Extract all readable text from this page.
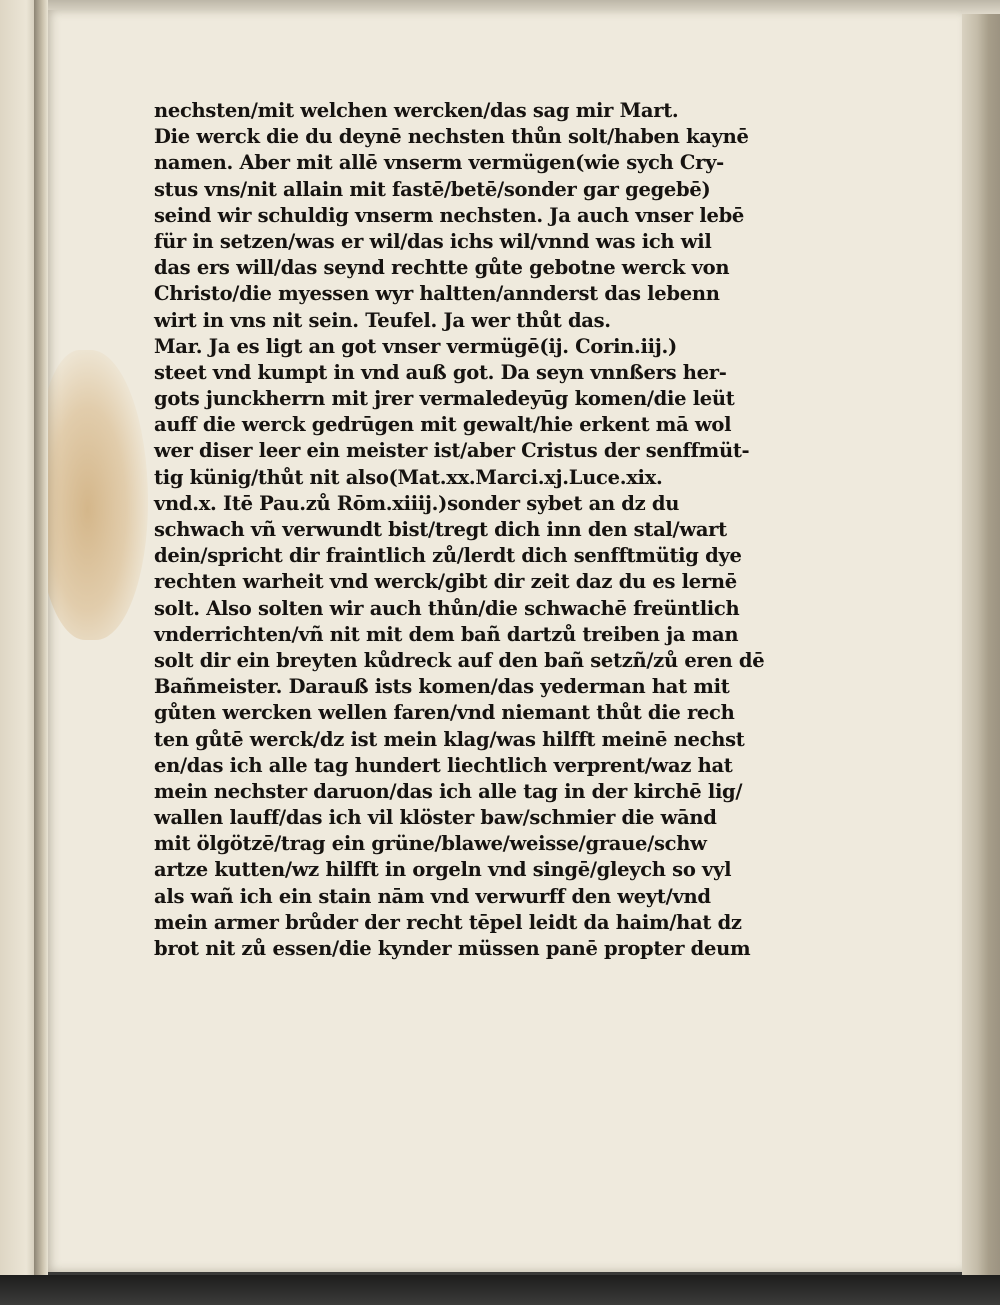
nechsten/mit welchen wercken/das sag mir Mart.
Die werck die du deynē nechsten thůn solt/haben kaynē
namen. Aber mit allē vnserm vermügen(wie sych Cry-
stus vns/nit allain mit fastē/betē/sonder gar gegebē)
seind wir schuldig vnserm nechsten. Ja auch vnser lebē
für in setzen/was er wil/das ichs wil/vnnd was ich wil
das ers will/das seynd rechtte gůte gebotne werck von
Christo/die myessen wyr haltten/annderst das lebenn
wirt in vns nit sein. Teufel. Ja wer thůt das.
Mar. Ja es ligt an got vnser vermügē(ij. Corin.iij.)
steet vnd kumpt in vnd auß got. Da seyn vnnßers her-
gots junckherrn mit jrer vermaledeyūg komen/die leüt
auff die werck gedrūgen mit gewalt/hie erkent mā wol
wer diser leer ein meister ist/aber Cristus der senffmüt-
tig künig/thůt nit also(Mat.xx.Marci.xj.Luce.xix.
vnd.x. Itē Pau.zů Rōm.xiiij.)sonder sybet an dz du
schwach vñ verwundt bist/tregt dich inn den stal/wart
dein/spricht dir fraintlich zů/lerdt dich senfftmütig dye
rechten warheit vnd werck/gibt dir zeit daz du es lernē
solt. Also solten wir auch thůn/die schwachē freüntlich
vnderrichten/vñ nit mit dem bañ dartzů treiben ja man
solt dir ein breyten kůdreck auf den bañ setzñ/zů eren dē
Bañmeister. Darauß ists komen/das yederman hat mit
gůten wercken wellen faren/vnd niemant thůt die rech
ten gůtē werck/dz ist mein klag/was hilfft meinē nechst
en/das ich alle tag hundert liechtlich verprent/waz hat
mein nechster daruon/das ich alle tag in der kirchē lig/
wallen lauff/das ich vil klöster baw/schmier die wānd
mit ölgötzē/trag ein grüne/blawe/weisse/graue/schw
artze kutten/wz hilfft in orgeln vnd singē/gleych so vyl
als wañ ich ein stain nām vnd verwurff den weyt/vnd
mein armer brůder der recht tēpel leidt da haim/hat dz
brot nit zů essen/die kynder müssen panē propter deum
